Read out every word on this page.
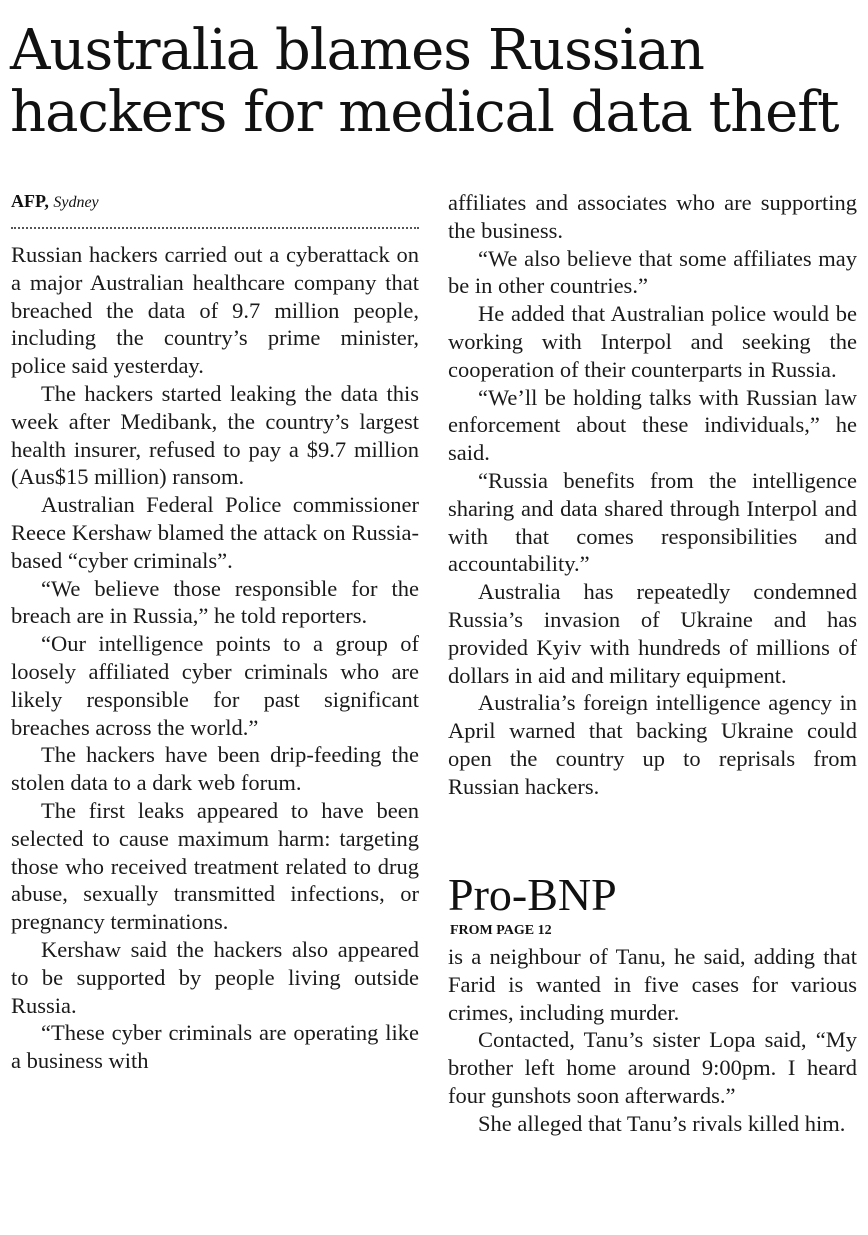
Australia blames Russian hackers for medical data theft
AFP, Sydney

Russian hackers carried out a cyberattack on a major Australian healthcare company that breached the data of 9.7 million people, including the country’s prime minister, police said yesterday.

The hackers started leaking the data this week after Medibank, the country’s largest health insurer, refused to pay a $9.7 million (Aus$15 million) ransom.

Australian Federal Police commissioner Reece Kershaw blamed the attack on Russia-based “cyber criminals”.

“We believe those responsible for the breach are in Russia,” he told reporters.

“Our intelligence points to a group of loosely affiliated cyber criminals who are likely responsible for past significant breaches across the world.”

The hackers have been drip-feeding the stolen data to a dark web forum.

The first leaks appeared to have been selected to cause maximum harm: targeting those who received treatment related to drug abuse, sexually transmitted infections, or pregnancy terminations.

Kershaw said the hackers also appeared to be supported by people living outside Russia.

“These cyber criminals are operating like a business with

affiliates and associates who are supporting the business.

“We also believe that some affiliates may be in other countries.”

He added that Australian police would be working with Interpol and seeking the cooperation of their counterparts in Russia.

“We’ll be holding talks with Russian law enforcement about these individuals,” he said.

“Russia benefits from the intelligence sharing and data shared through Interpol and with that comes responsibilities and accountability.”

Australia has repeatedly condemned Russia’s invasion of Ukraine and has provided Kyiv with hundreds of millions of dollars in aid and military equipment.

Australia’s foreign intelligence agency in April warned that backing Ukraine could open the country up to reprisals from Russian hackers.

Pro-BNP
FROM PAGE 12

is a neighbour of Tanu, he said, adding that Farid is wanted in five cases for various crimes, including murder.

Contacted, Tanu’s sister Lopa said, “My brother left home around 9:00pm. I heard four gunshots soon afterwards.”

She alleged that Tanu’s rivals killed him.
